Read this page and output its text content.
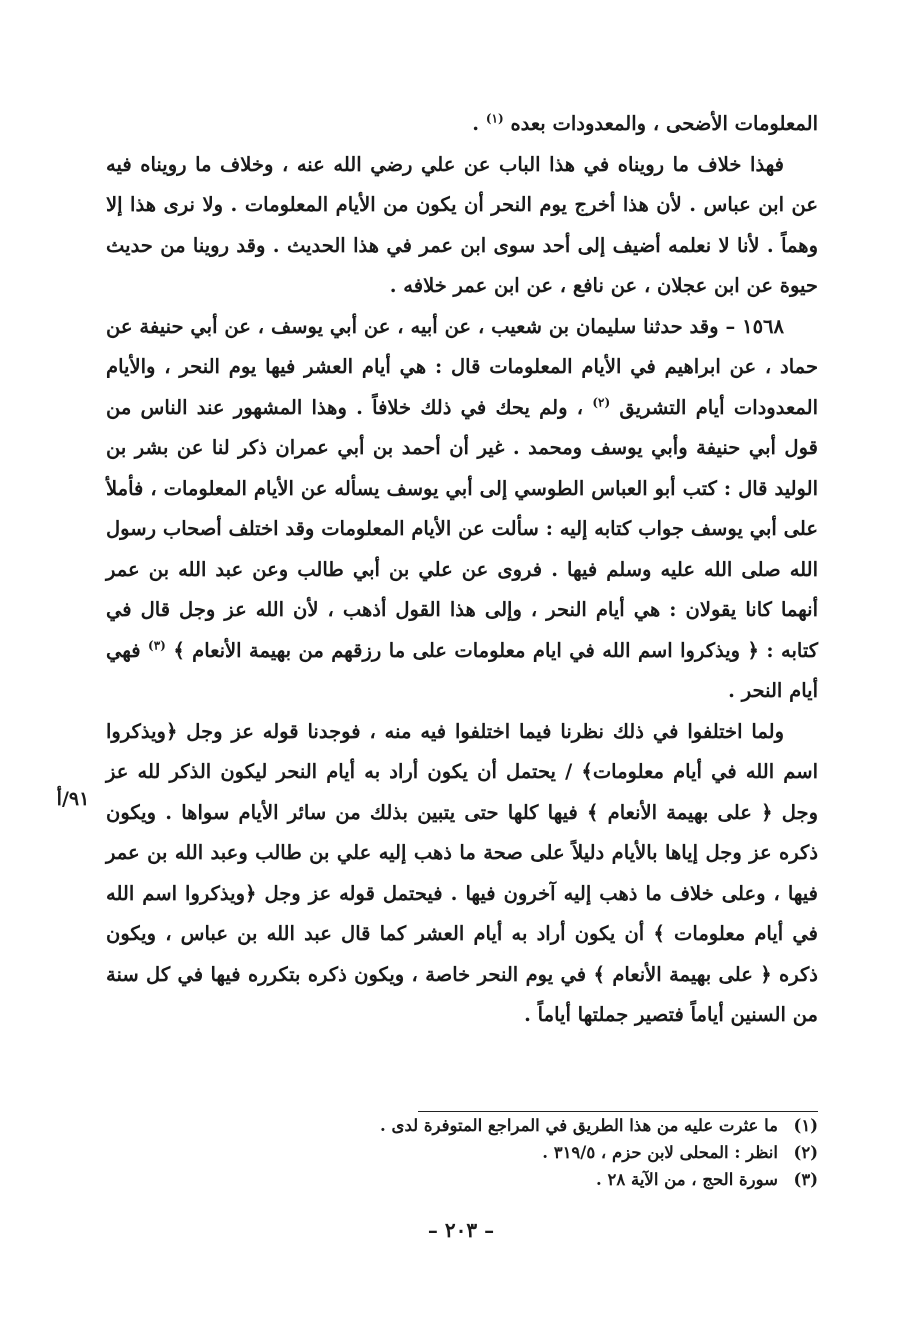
المعلومات الأضحى ، والمعدودات بعده $^{(١)}$ .

فهذا خلاف ما رويناه في هذا الباب عن علي رضي الله عنه ، وخلاف ما رويناه فيه عن ابن عباس . لأن هذا أخرج يوم النحر أن يكون من الأيام المعلومات . ولا نرى هذا إلا وهماً . لأنا لا نعلمه أضيف إلى أحد سوى ابن عمر في هذا الحديث . وقد روينا من حديث حيوة عن ابن عجلان ، عن نافع ، عن ابن عمر خلافه .

١٥٦٨ – وقد حدثنا سليمان بن شعيب ، عن أبيه ، عن أبي يوسف ، عن أبي حنيفة عن حماد ، عن ابراهيم في الأيام المعلومات قال : هي أيام العشر فيها يوم النحر ، والأيام المعدودات أيام التشريق $^{(٢)}$ ، ولم يحك في ذلك خلافاً . وهذا المشهور عند الناس من قول أبي حنيفة وأبي يوسف ومحمد . غير أن أحمد بن أبي عمران ذكر لنا عن بشر بن الوليد قال : كتب أبو العباس الطوسي إلى أبي يوسف يسأله عن الأيام المعلومات ، فأملأ على أبي يوسف جواب كتابه إليه : سألت عن الأيام المعلومات وقد اختلف أصحاب رسول الله صلى الله عليه وسلم فيها . فروى عن علي بن أبي طالب وعن عبد الله بن عمر أنهما كانا يقولان : هي أيام النحر ، وإلى هذا القول أذهب ، لأن الله عز وجل قال في كتابه : ﴿ ويذكروا اسم الله في ايام معلومات على ما رزقهم من بهيمة الأنعام ﴾ $^{(٣)}$ فهي أيام النحر .

ولما اختلفوا في ذلك نظرنا فيما اختلفوا فيه منه ، فوجدنا قوله عز وجل ﴿ويذكروا اسم الله في أيام معلومات﴾ / يحتمل أن يكون أراد به أيام النحر ليكون الذكر لله عز وجل ﴿ على بهيمة الأنعام ﴾ فيها كلها حتى يتبين بذلك من سائر الأيام سواها . ويكون ذكره عز وجل إياها بالأيام دليلاً على صحة ما ذهب إليه علي بن طالب وعبد الله بن عمر فيها ، وعلى خلاف ما ذهب إليه آخرون فيها . فيحتمل قوله عز وجل ﴿ويذكروا اسم الله في أيام معلومات ﴾ أن يكون أراد به أيام العشر كما قال عبد الله بن عباس ، ويكون ذكره ﴿ على بهيمة الأنعام ﴾ في يوم النحر خاصة ، ويكون ذكره بتكرره فيها في كل سنة من السنين أياماً فتصير جملتها أياماً .

٩١/أ
(١)ما عثرت عليه من هذا الطريق في المراجع المتوفرة لدى .
(٢)انظر : المحلى لابن حزم ، ٣١٩/٥ .
(٣)سورة الحج ، من الآية ٢٨ .
– ٢٠٣ –
